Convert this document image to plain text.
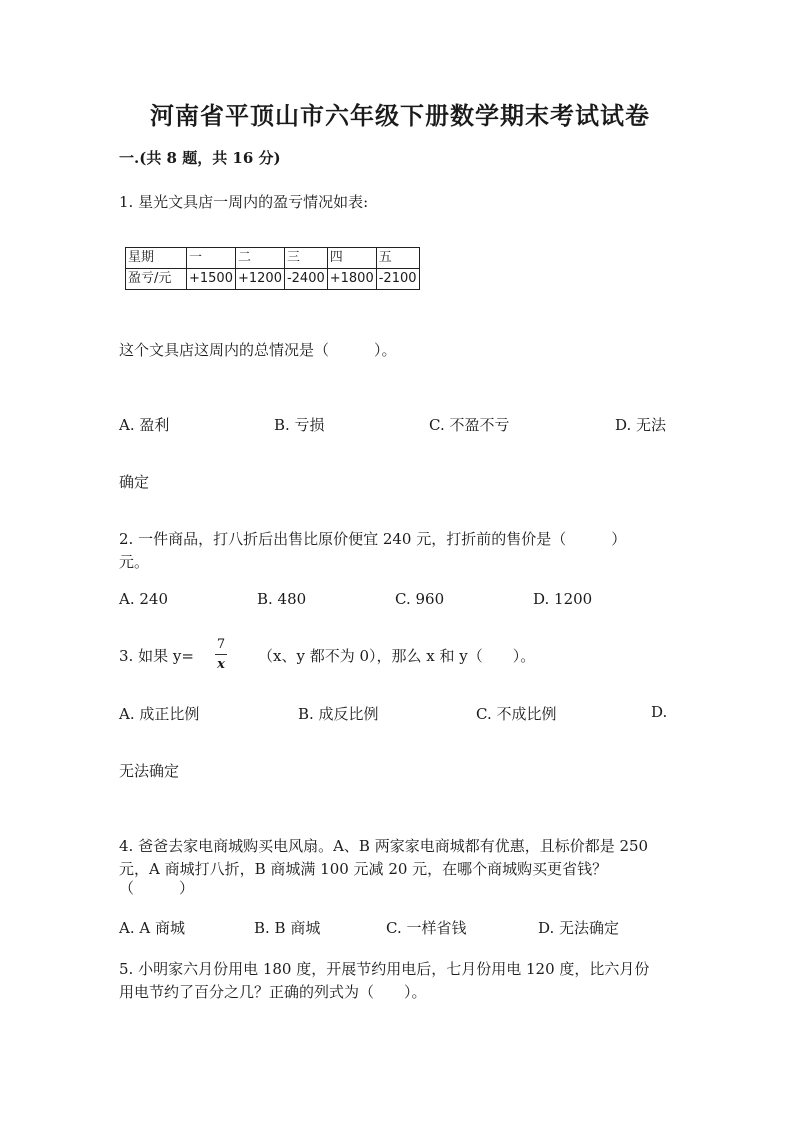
河南省平顶山市六年级下册数学期末考试试卷
一.(共 8 题，共 16 分)
1. 星光文具店一周内的盈亏情况如表:
星期	一	二	三	四	五
盈亏/元	+1500	+1200	-2400	+1800	-2100
这个文具店这周内的总情况是（　　　）。
A. 盈利	B. 亏损	C. 不盈不亏	D. 无法
确定
2. 一件商品，打八折后出售比原价便宜 240 元，打折前的售价是（　　　）
元。
A. 240	B. 480	C. 960	D. 1200
3. 如果 y=
7
x （x、y 都不为 0），那么 x 和 y（　　）。
A. 成正比例	B. 成反比例	C. 不成比例	D.
无法确定
4. 爸爸去家电商城购买电风扇。A、B 两家家电商城都有优惠，且标价都是 250
元，A 商城打八折，B 商城满 100 元减 20 元，在哪个商城购买更省钱？
（　　　）
A. A 商城	B. B 商城	C. 一样省钱	D. 无法确定
5. 小明家六月份用电 180 度，开展节约用电后，七月份用电 120 度，比六月份
用电节约了百分之几？正确的列式为（　　）。
